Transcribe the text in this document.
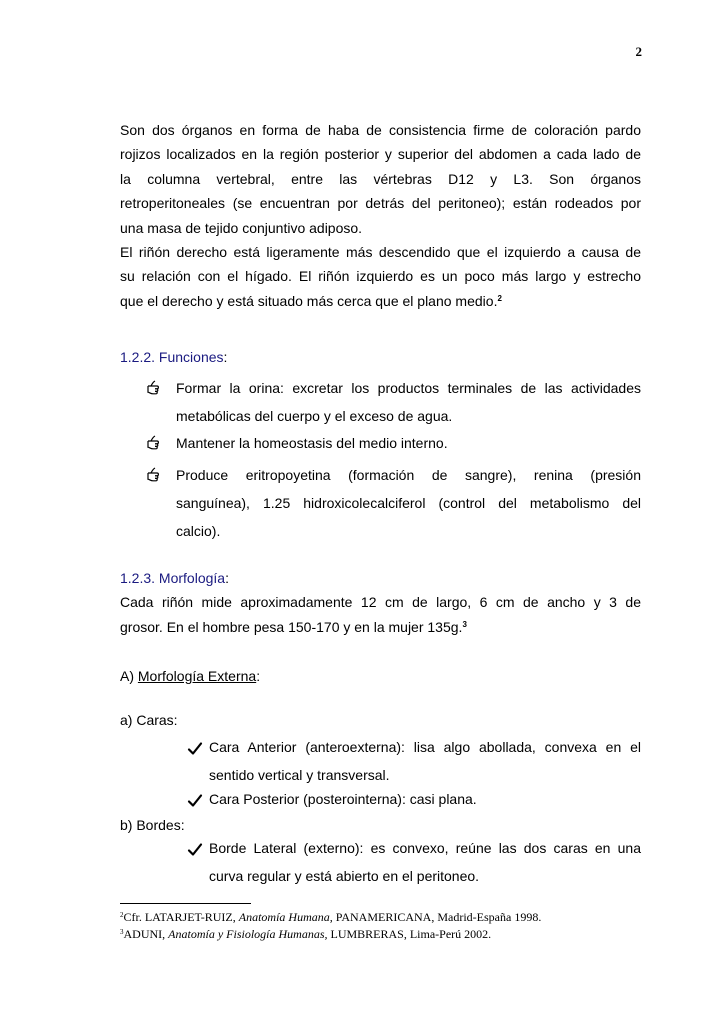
2
Son dos órganos en forma de haba de consistencia firme de coloración pardo
rojizos localizados en la región posterior y superior del abdomen a cada lado de
la columna vertebral, entre las vértebras D12 y L3. Son órganos
retroperitoneales (se encuentran por detrás del peritoneo); están rodeados por
una masa de tejido conjuntivo adiposo.
El riñón derecho está ligeramente más descendido que el izquierdo a causa de
su relación con el hígado. El riñón izquierdo es un poco más largo y estrecho
que el derecho y está situado más cerca que el plano medio.$^2$
1.2.2. Funciones:
Formar la orina: excretar los productos terminales de las actividades
metabólicas del cuerpo y el exceso de agua.
Mantener la homeostasis del medio interno.
Produce eritropoyetina (formación de sangre), renina (presión
sanguínea), 1.25 hidroxicolecalciferol (control del metabolismo del
calcio).
1.2.3. Morfología:
Cada riñón mide aproximadamente 12 cm de largo, 6 cm de ancho y 3 de
grosor. En el hombre pesa 150-170 y en la mujer 135g.$^3$
A) Morfología Externa:
a) Caras:
Cara Anterior (anteroexterna): lisa algo abollada, convexa en el
sentido vertical y transversal.
Cara Posterior (posterointerna): casi plana.
b) Bordes:
Borde Lateral (externo): es convexo, reúne las dos caras en una
curva regular y está abierto en el peritoneo.
$^2$Cfr. LATARJET-RUIZ, Anatomía Humana, PANAMERICANA, Madrid-España 1998.
$^3$ADUNI, Anatomía y Fisiología Humanas, LUMBRERAS, Lima-Perú 2002.
